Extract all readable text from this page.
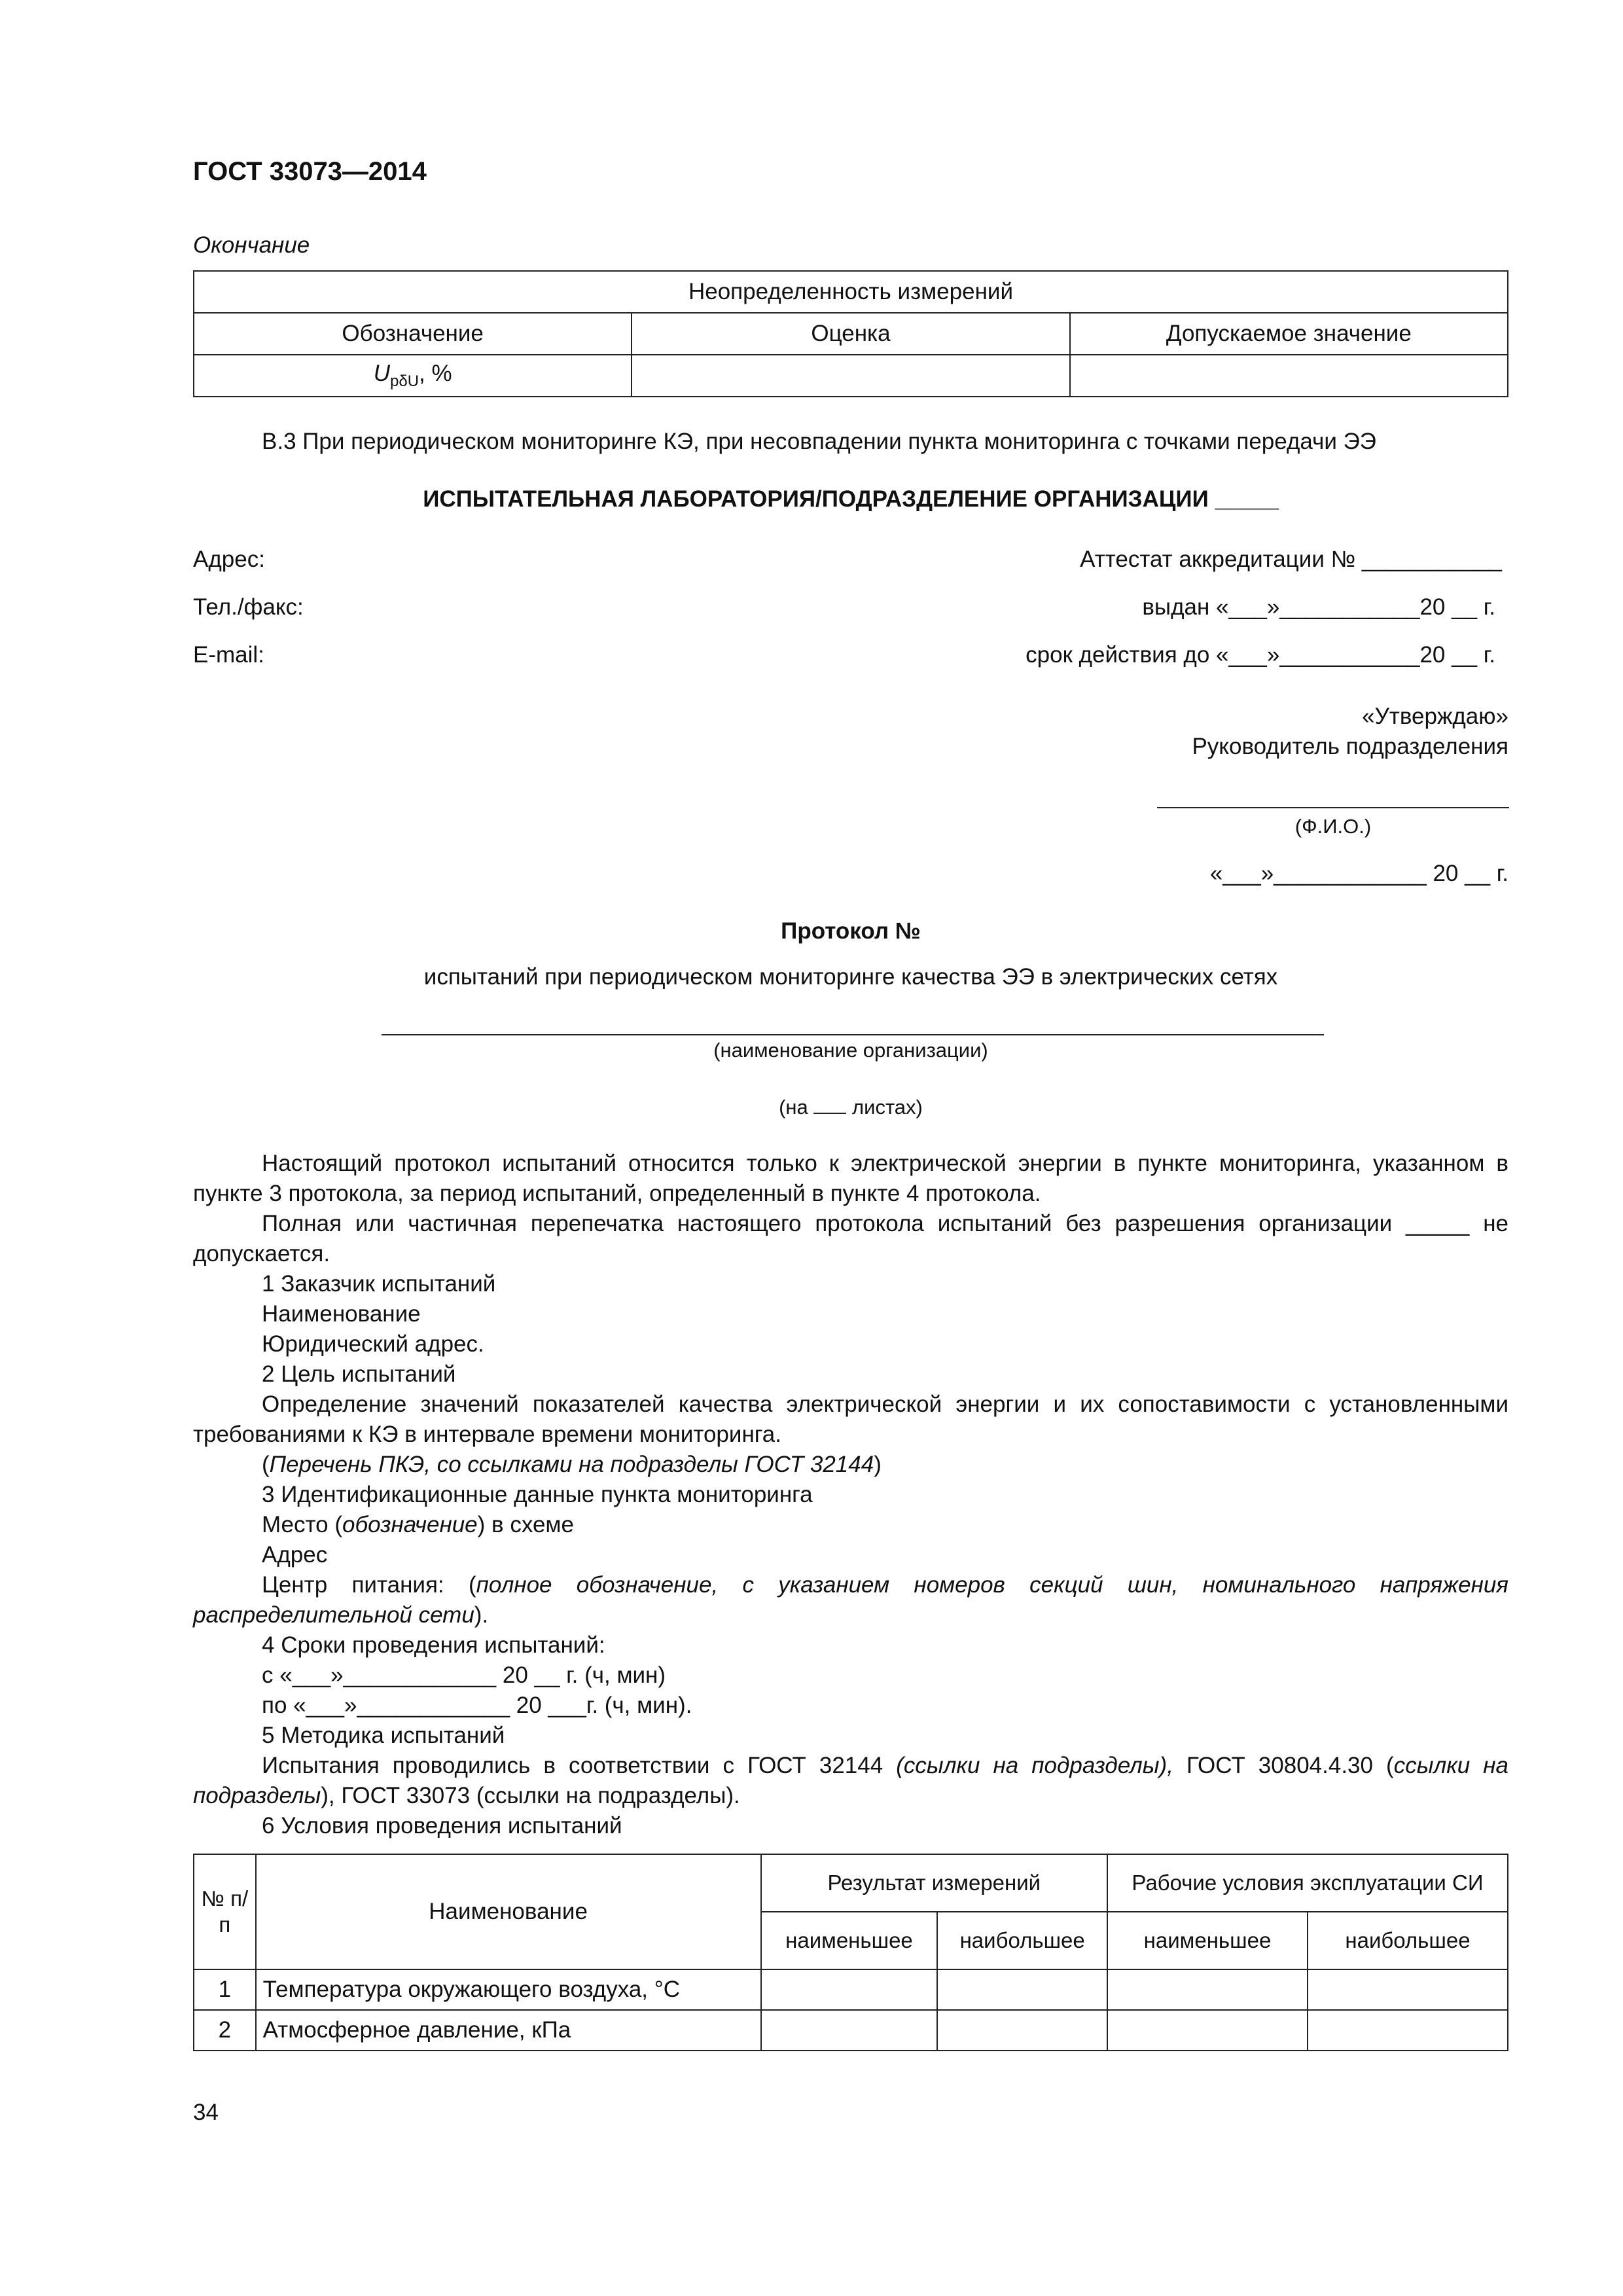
ГОСТ 33073—2014
Окончание
Неопределенность измерений		
Обозначение	Оценка	Допускаемое значение
$U_{p\delta U}$, %		
В.3 При периодическом мониторинге КЭ, при несовпадении пункта мониторинга с точками передачи ЭЭ
ИСПЫТАТЕЛЬНАЯ ЛАБОРАТОРИЯ/ПОДРАЗДЕЛЕНИЕ ОРГАНИЗАЦИИ _____
Адрес:
Тел./факс:
E-mail:
Аттестат аккредитации № ___________
выдан «___»___________20 __ г.
срок действия до «___»___________20 __ г.
«Утверждаю»
Руководитель подразделения
(Ф.И.О.)
«___»____________ 20 __ г.
Протокол №
испытаний при периодическом мониторинге качества ЭЭ в электрических сетях
(наименование организации)
(на листах)

Настоящий протокол испытаний относится только к электрической энергии в пункте мониторинга, указанном в пункте 3 протокола, за период испытаний, определенный в пункте 4 протокола.

Полная или частичная перепечатка настоящего протокола испытаний без разрешения организации _____ не допускается.

1 Заказчик испытаний

Наименование

Юридический адрес.

2 Цель испытаний

Определение значений показателей качества электрической энергии и их сопоставимости с установленными требованиями к КЭ в интервале времени мониторинга.

(Перечень ПКЭ, со ссылками на подразделы ГОСТ 32144)

3 Идентификационные данные пункта мониторинга

Место (обозначение) в схеме

Адрес

Центр питания: (полное обозначение, с указанием номеров секций шин, номинального напряжения распределительной сети).

4 Сроки проведения испытаний:

с «___»____________ 20 __ г. (ч, мин)

по «___»____________ 20 ___г. (ч, мин).

5 Методика испытаний

Испытания проводились в соответствии с ГОСТ 32144 (ссылки на подразделы), ГОСТ 30804.4.30 (ссылки на подразделы), ГОСТ 33073 (ссылки на подразделы).

6 Условия проведения испытаний

№ п/п	Наименование	Результат измерений		Рабочие условия эксплуатации СИ	
		наименьшее	наибольшее	наименьшее	наибольшее
1	Температура окружающего воздуха, °С				
2	Атмосферное давление, кПа				
34
